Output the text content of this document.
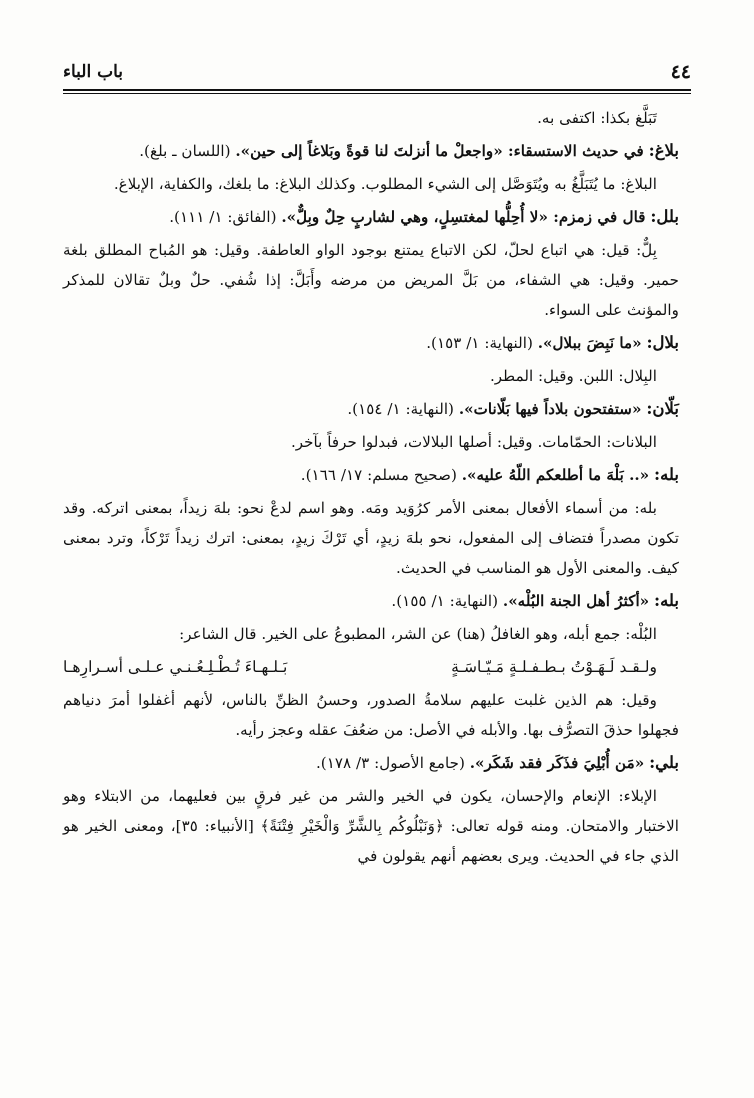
باب الباء	٤٤

تَبَلَّغ بكذا: اكتفى به.

بلاغ: في حديث الاستسقاء: «واجعلْ ما أنزلتَ لنا قوةً وبَلاغاً إلى حين». (اللسان ـ بلغ).

البلاغ: ما يُتَبَلَّغُ به ويُتَوَصَّل إلى الشيء المطلوب. وكذلك البلاغ: ما بلغك، والكفاية، الإبلاغ.

بلل: قال في زمزم: «لا أُحِلُّها لمغتسِلٍ، وهي لشاربٍ حِلٌ وبِلٌّ». (الفائق: ١/ ١١١).

بِلٌّ: قيل: هي اتباع لحلّ، لكن الاتباع يمتنع بوجود الواو العاطفة. وقيل: هو المُباح المطلق بلغة حمير. وقيل: هي الشفاء، من بَلَّ المريض من مرضه وأَبَلَّ: إذا شُفي. حلٌ وبلٌ تقالان للمذكر والمؤنث على السواء.

بلال: «ما نَبِضَ ببلال». (النهاية: ١/ ١٥٣).

البِلال: اللبن. وقيل: المطر.

بَلّان: «ستفتحون بلاداً فيها بَلّانات». (النهاية: ١/ ١٥٤).

البلانات: الحمّامات. وقيل: أصلها البلالات، فبدلوا حرفاً بآخر.

بله: «.. بَلْهَ ما أطلعكم اللّهُ عليه». (صحيح مسلم: ١٧/ ١٦٦).

بله: من أسماء الأفعال بمعنى الأمر كرُوَيد ومَه. وهو اسم لدعْ نحو: بلهَ زيداً، بمعنى اتركه. وقد تكون مصدراً فتضاف إلى المفعول، نحو بلهَ زيدٍ، أي تَرْكَ زيدٍ، بمعنى: اترك زيداً تَرْكاً، وترد بمعنى كيف. والمعنى الأول هو المناسب في الحديث.

بله: «أكثرُ أهل الجنة البُلْه». (النهاية: ١/ ١٥٥).

البُلْه: جمع أبله، وهو الغافلُ (هنا) عن الشر، المطبوعُ على الخير. قال الشاعر:

ولـقـد لَـهَـوْتُ بـطـفـلـةٍ مَـيّـاسَـةٍ
بَـلـهـاءَ تُـطْـلِـعُـنـي عـلـى أسـرارِهـا

وقيل: هم الذين غلبت عليهم سلامةُ الصدور، وحسنُ الظنِّ بالناس، لأنهم أغفلوا أمرَ دنياهم فجهلوا حذقَ التصرُّف بها. والأبله في الأصل: من ضعُفَ عقله وعجز رأيه.

بلي: «مَن أُبْلِيَ فذَكَر فقد شَكَر». (جامع الأصول: ٣/ ١٧٨).

الإبلاء: الإنعام والإحسان، يكون في الخير والشر من غير فرقٍ بين فعليهما، من الابتلاء وهو الاختبار والامتحان. ومنه قوله تعالى: ﴿وَنَبْلُوكُم بِالشَّرِّ وَالْخَيْرِ فِتْنَةً﴾ [الأنبياء: ٣٥]، ومعنى الخير هو الذي جاء في الحديث. ويرى بعضهم أنهم يقولون في
